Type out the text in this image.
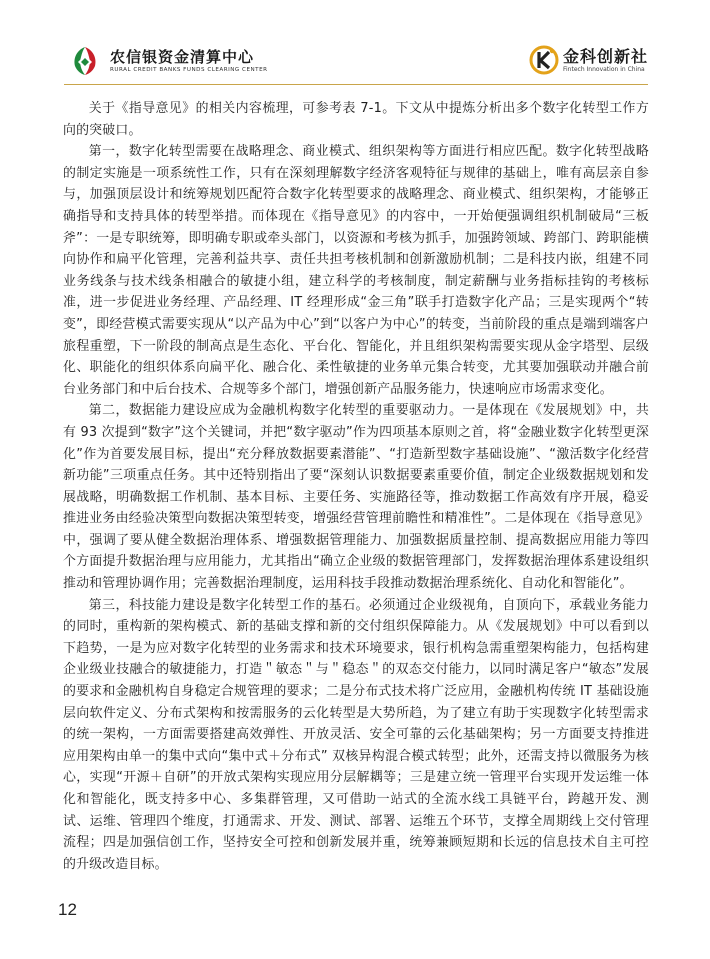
农信银资金清算中心
RURAL CREDIT BANKS FUNDS CLEARING CENTER
金科创新社
Fintech Innovation in China

关于《指导意见》的相关内容梳理，可参考表 7-1。下文从中提炼分析出多个数字化转型工作方向的突破口。

第一，数字化转型需要在战略理念、商业模式、组织架构等方面进行相应匹配。数字化转型战略的制定实施是一项系统性工作，只有在深刻理解数字经济客观特征与规律的基础上，唯有高层亲自参与，加强顶层设计和统筹规划匹配符合数字化转型要求的战略理念、商业模式、组织架构，才能够正确指导和支持具体的转型举措。而体现在《指导意见》的内容中，一开始便强调组织机制破局“三板斧”：一是专职统筹，即明确专职或牵头部门，以资源和考核为抓手，加强跨领域、跨部门、跨职能横向协作和扁平化管理，完善利益共享、责任共担考核机制和创新激励机制；二是科技内嵌，组建不同业务线条与技术线条相融合的敏捷小组，建立科学的考核制度，制定薪酬与业务指标挂钩的考核标准，进一步促进业务经理、产品经理、IT 经理形成“金三角”联手打造数字化产品；三是实现两个“转变”，即经营模式需要实现从“以产品为中心”到“以客户为中心”的转变，当前阶段的重点是端到端客户旅程重塑，下一阶段的制高点是生态化、平台化、智能化，并且组织架构需要实现从金字塔型、层级化、职能化的组织体系向扁平化、融合化、柔性敏捷的业务单元集合转变，尤其要加强联动并融合前台业务部门和中后台技术、合规等多个部门，增强创新产品服务能力，快速响应市场需求变化。

第二，数据能力建设应成为金融机构数字化转型的重要驱动力。一是体现在《发展规划》中，共有 93 次提到“数字”这个关键词，并把“数字驱动”作为四项基本原则之首，将“金融业数字化转型更深化”作为首要发展目标，提出“充分释放数据要素潜能”、“打造新型数字基础设施”、“激活数字化经营新功能”三项重点任务。其中还特别指出了要“深刻认识数据要素重要价值，制定企业级数据规划和发展战略，明确数据工作机制、基本目标、主要任务、实施路径等，推动数据工作高效有序开展，稳妥推进业务由经验决策型向数据决策型转变，增强经营管理前瞻性和精准性”。二是体现在《指导意见》中，强调了要从健全数据治理体系、增强数据管理能力、加强数据质量控制、提高数据应用能力等四个方面提升数据治理与应用能力，尤其指出“确立企业级的数据管理部门，发挥数据治理体系建设组织推动和管理协调作用；完善数据治理制度，运用科技手段推动数据治理系统化、自动化和智能化”。

第三，科技能力建设是数字化转型工作的基石。必须通过企业级视角，自顶向下，承载业务能力的同时，重构新的架构模式、新的基础支撑和新的交付组织保障能力。从《发展规划》中可以看到以下趋势，一是为应对数字化转型的业务需求和技术环境要求，银行机构急需重塑架构能力，包括构建企业级业技融合的敏捷能力，打造＂敏态＂与＂稳态＂的双态交付能力，以同时满足客户“敏态”发展的要求和金融机构自身稳定合规管理的要求；二是分布式技术将广泛应用，金融机构传统 IT 基础设施层向软件定义、分布式架构和按需服务的云化转型是大势所趋，为了建立有助于实现数字化转型需求的统一架构，一方面需要搭建高效弹性、开放灵活、安全可靠的云化基础架构；另一方面要支持推进应用架构由单一的集中式向“集中式＋分布式” 双核异构混合模式转型；此外，还需支持以微服务为核心，实现“开源＋自研”的开放式架构实现应用分层解耦等；三是建立统一管理平台实现开发运维一体化和智能化，既支持多中心、多集群管理，又可借助一站式的全流水线工具链平台，跨越开发、测试、运维、管理四个维度，打通需求、开发、测试、部署、运维五个环节，支撑全周期线上交付管理流程；四是加强信创工作，坚持安全可控和创新发展并重，统筹兼顾短期和长远的信息技术自主可控的升级改造目标。

12
